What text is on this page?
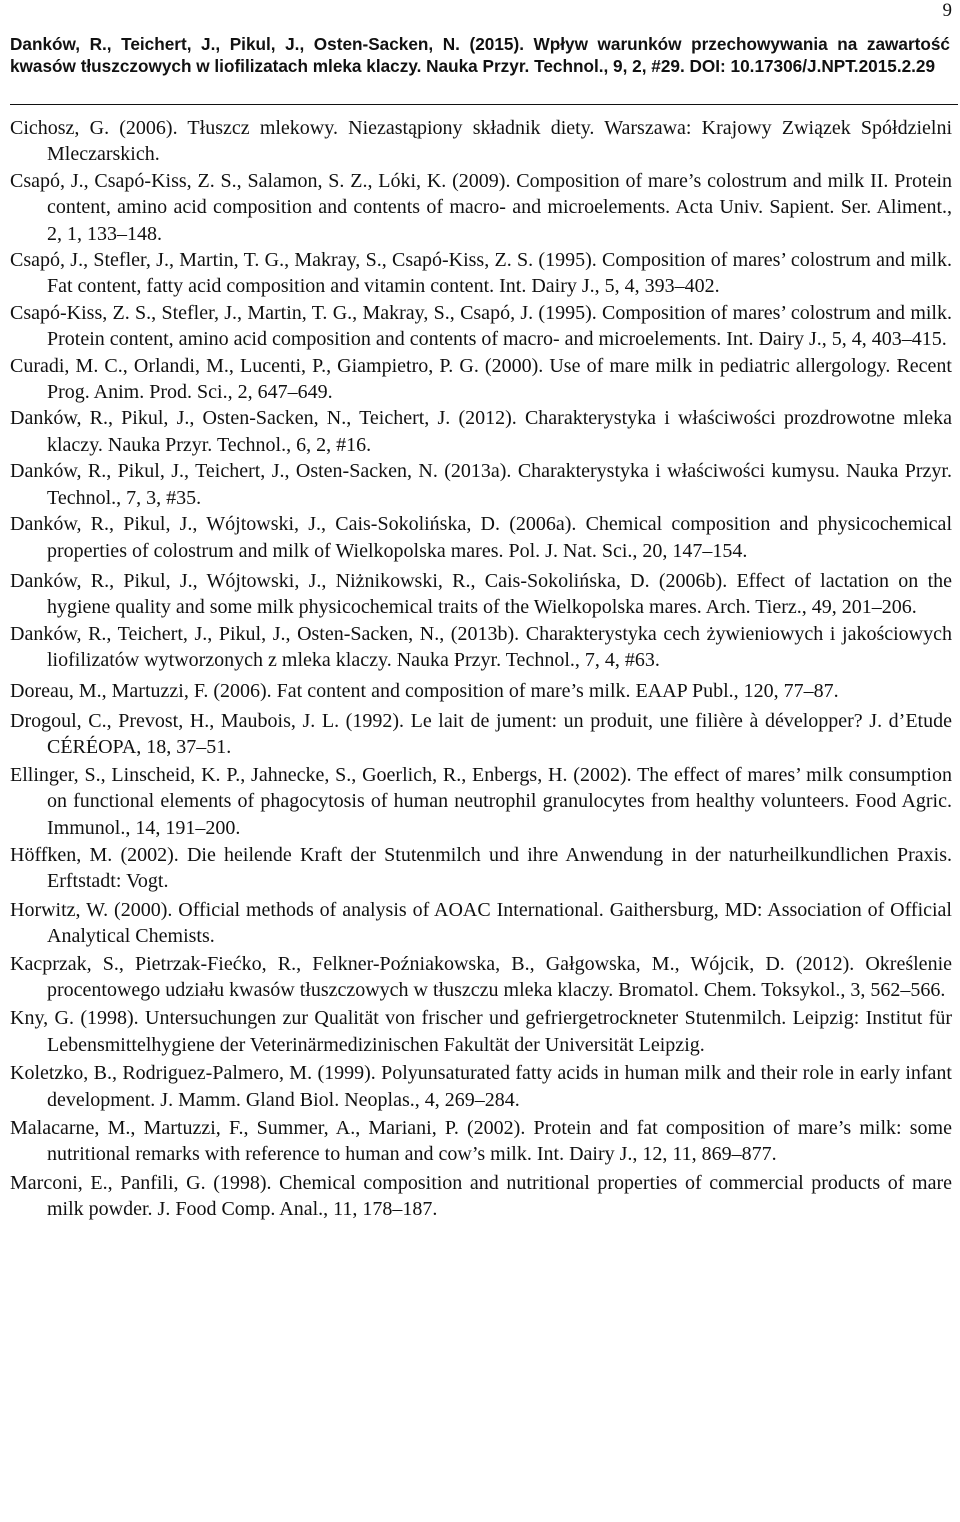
9
Danków, R., Teichert, J., Pikul, J., Osten-Sacken, N. (2015). Wpływ warunków przechowywania na zawartość kwasów tłuszczowych w liofilizatach mleka klaczy. Nauka Przyr. Technol., 9, 2, #29. DOI: 10.17306/J.NPT.2015.2.29
Cichosz, G. (2006). Tłuszcz mlekowy. Niezastąpiony składnik diety. Warszawa: Krajowy Związek Spółdzielni Mleczarskich.
Csapó, J., Csapó-Kiss, Z. S., Salamon, S. Z., Lóki, K. (2009). Composition of mare’s colostrum and milk II. Protein content, amino acid composition and contents of macro- and microelements. Acta Univ. Sapient. Ser. Aliment., 2, 1, 133–148.
Csapó, J., Stefler, J., Martin, T. G., Makray, S., Csapó-Kiss, Z. S. (1995). Composition of mares’ colostrum and milk. Fat content, fatty acid composition and vitamin content. Int. Dairy J., 5, 4, 393–402.
Csapó-Kiss, Z. S., Stefler, J., Martin, T. G., Makray, S., Csapó, J. (1995). Composition of mares’ colostrum and milk. Protein content, amino acid composition and contents of macro- and microelements. Int. Dairy J., 5, 4, 403–415.
Curadi, M. C., Orlandi, M., Lucenti, P., Giampietro, P. G. (2000). Use of mare milk in pediatric allergology. Recent Prog. Anim. Prod. Sci., 2, 647–649.
Danków, R., Pikul, J., Osten-Sacken, N., Teichert, J. (2012). Charakterystyka i właściwości prozdrowotne mleka klaczy. Nauka Przyr. Technol., 6, 2, #16.
Danków, R., Pikul, J., Teichert, J., Osten-Sacken, N. (2013a). Charakterystyka i właściwości kumysu. Nauka Przyr. Technol., 7, 3, #35.
Danków, R., Pikul, J., Wójtowski, J., Cais-Sokolińska, D. (2006a). Chemical composition and physicochemical properties of colostrum and milk of Wielkopolska mares. Pol. J. Nat. Sci., 20, 147–154.
Danków, R., Pikul, J., Wójtowski, J., Niżnikowski, R., Cais-Sokolińska, D. (2006b). Effect of lactation on the hygiene quality and some milk physicochemical traits of the Wielkopolska mares. Arch. Tierz., 49, 201–206.
Danków, R., Teichert, J., Pikul, J., Osten-Sacken, N., (2013b). Charakterystyka cech żywieniowych i jakościowych liofilizatów wytworzonych z mleka klaczy. Nauka Przyr. Technol., 7, 4, #63.
Doreau, M., Martuzzi, F. (2006). Fat content and composition of mare’s milk. EAAP Publ., 120, 77–87.
Drogoul, C., Prevost, H., Maubois, J. L. (1992). Le lait de jument: un produit, une filière à développer? J. d’Etude CÉRÉOPA, 18, 37–51.
Ellinger, S., Linscheid, K. P., Jahnecke, S., Goerlich, R., Enbergs, H. (2002). The effect of mares’ milk consumption on functional elements of phagocytosis of human neutrophil granulocytes from healthy volunteers. Food Agric. Immunol., 14, 191–200.
Höffken, M. (2002). Die heilende Kraft der Stutenmilch und ihre Anwendung in der naturheilkundlichen Praxis. Erftstadt: Vogt.
Horwitz, W. (2000). Official methods of analysis of AOAC International. Gaithersburg, MD: Association of Official Analytical Chemists.
Kacprzak, S., Pietrzak-Fiećko, R., Felkner-Poźniakowska, B., Gałgowska, M., Wójcik, D. (2012). Określenie procentowego udziału kwasów tłuszczowych w tłuszczu mleka klaczy. Bromatol. Chem. Toksykol., 3, 562–566.
Kny, G. (1998). Untersuchungen zur Qualität von frischer und gefriergetrockneter Stutenmilch. Leipzig: Institut für Lebensmittelhygiene der Veterinärmedizinischen Fakultät der Universität Leipzig.
Koletzko, B., Rodriguez-Palmero, M. (1999). Polyunsaturated fatty acids in human milk and their role in early infant development. J. Mamm. Gland Biol. Neoplas., 4, 269–284.
Malacarne, M., Martuzzi, F., Summer, A., Mariani, P. (2002). Protein and fat composition of mare’s milk: some nutritional remarks with reference to human and cow’s milk. Int. Dairy J., 12, 11, 869–877.
Marconi, E., Panfili, G. (1998). Chemical composition and nutritional properties of commercial products of mare milk powder. J. Food Comp. Anal., 11, 178–187.
